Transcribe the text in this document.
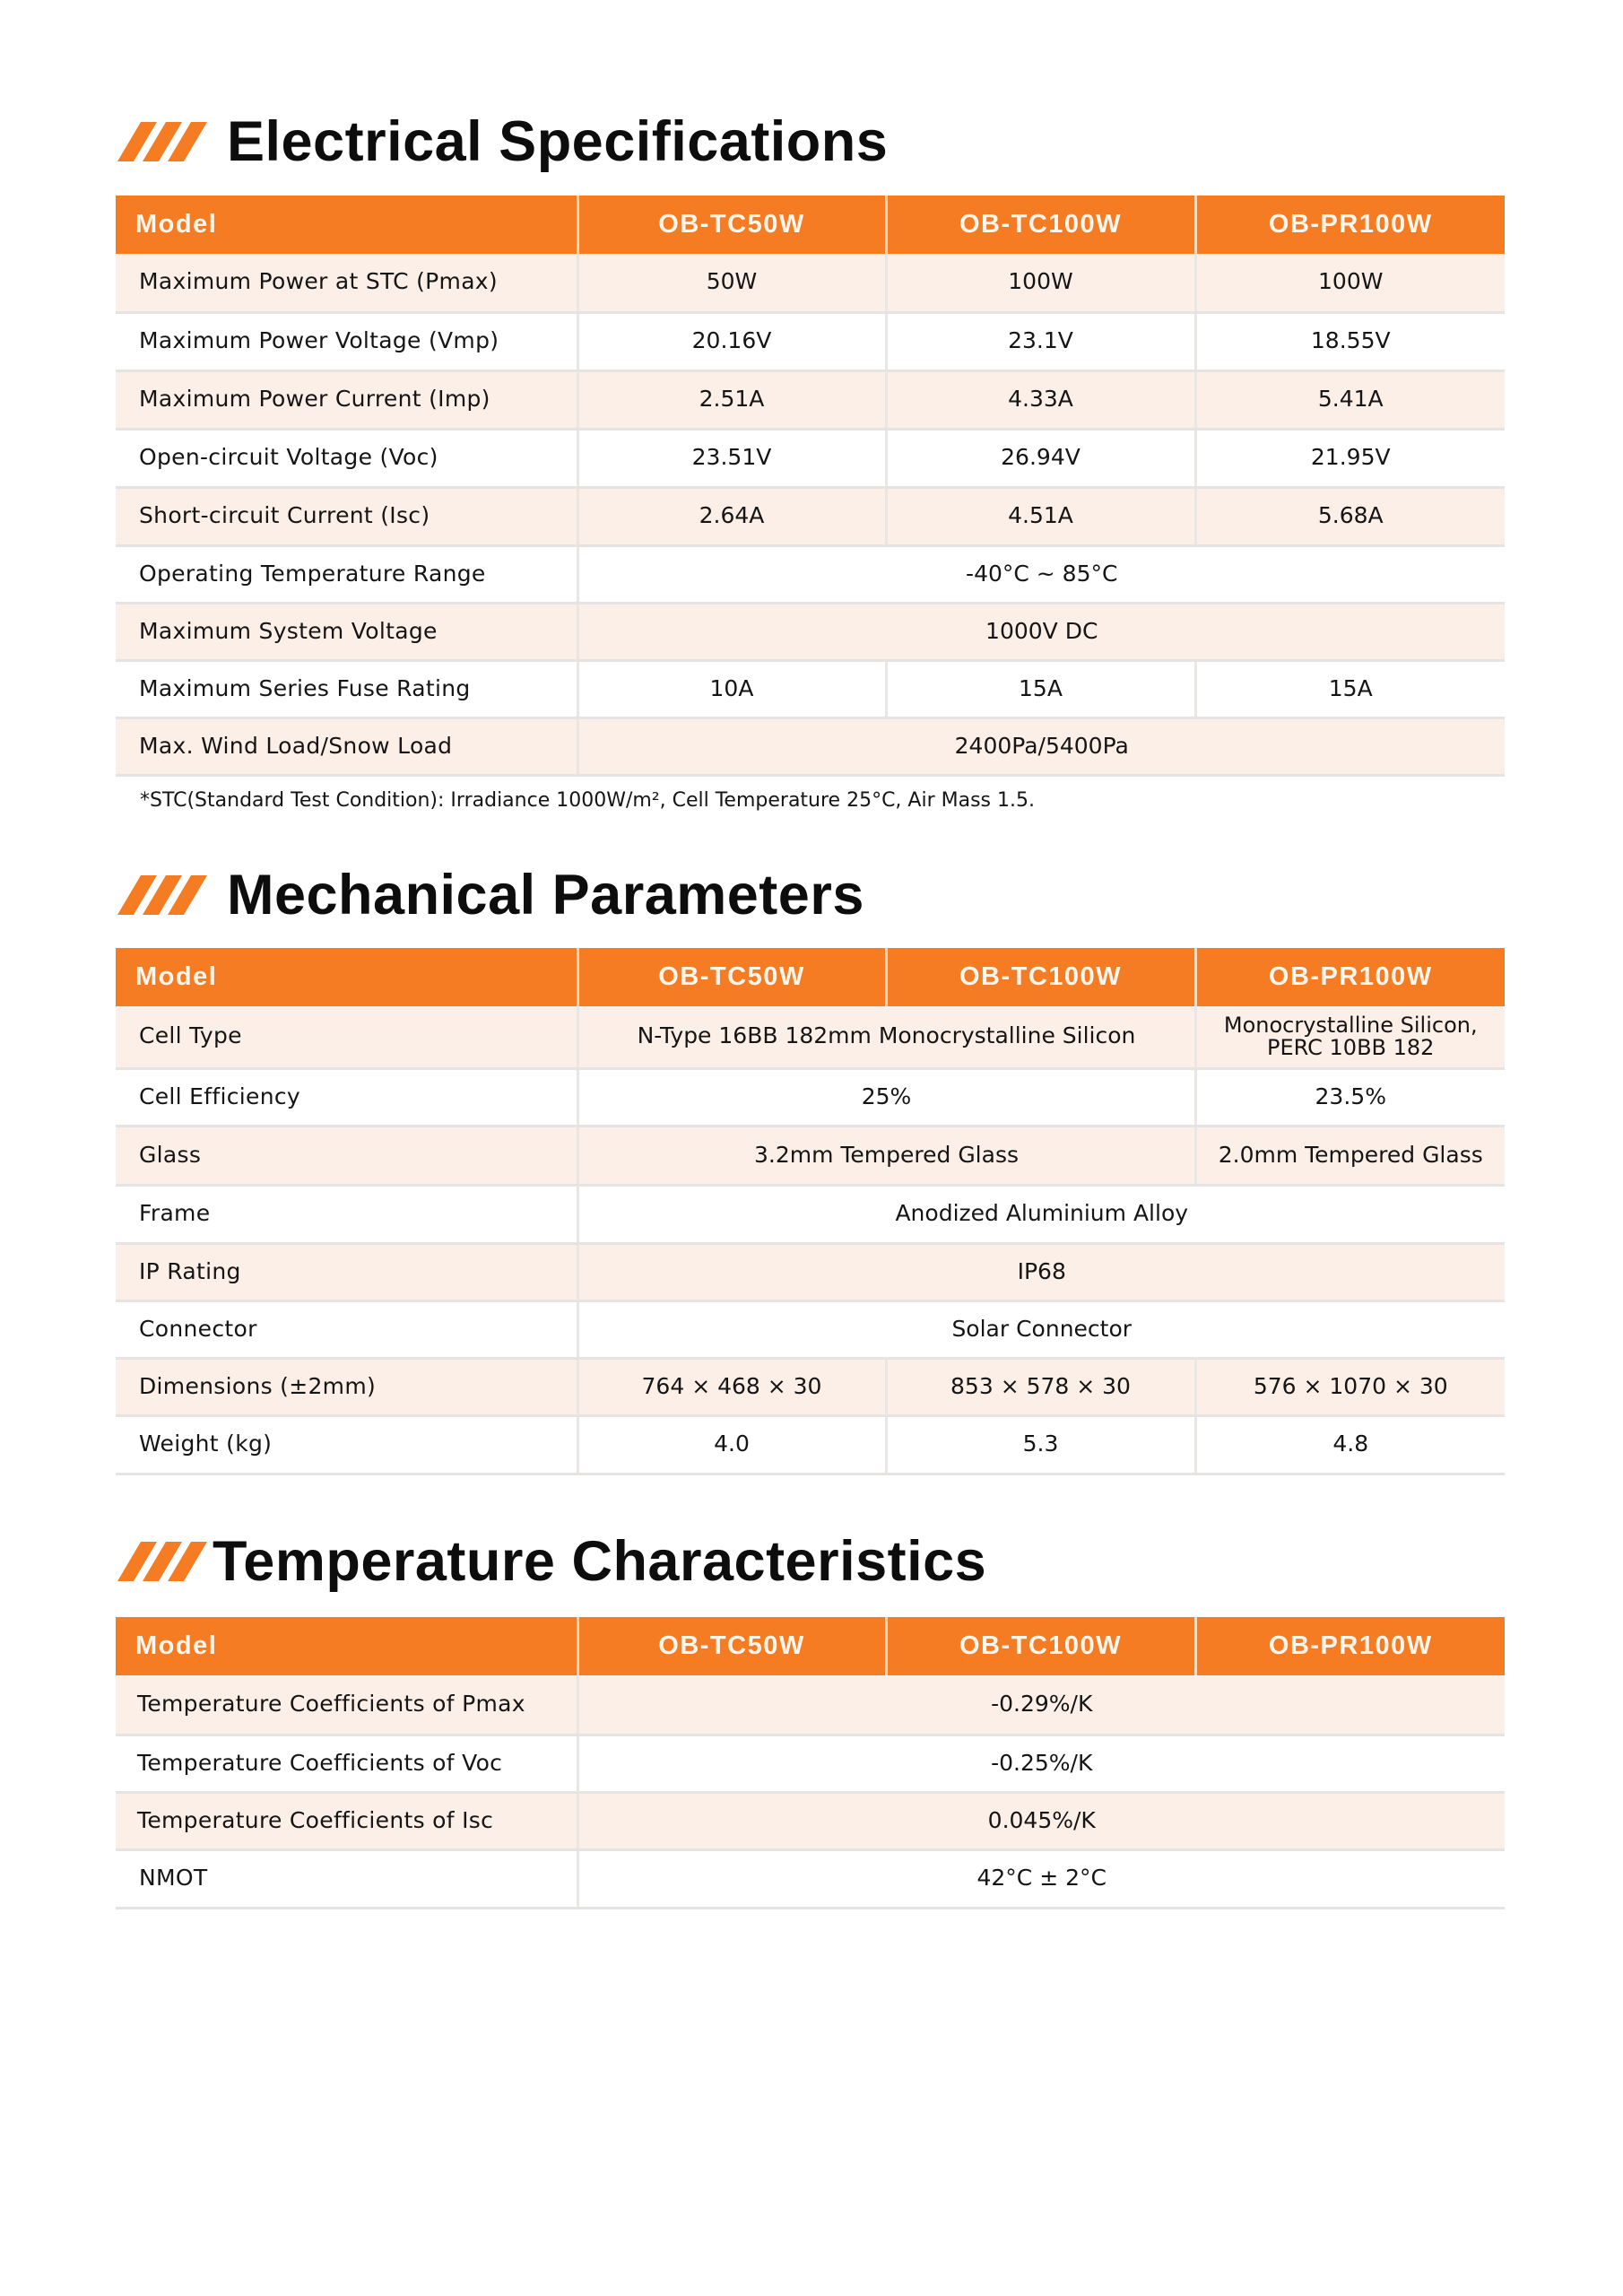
Electrical Specifications
Model	OB-TC50W	OB-TC100W	OB-PR100W
Maximum Power at STC (Pmax)	50W	100W	100W
Maximum Power Voltage (Vmp)	20.16V	23.1V	18.55V
Maximum Power Current (Imp)	2.51A	4.33A	5.41A
Open-circuit Voltage (Voc)	23.51V	26.94V	21.95V
Short-circuit Current (Isc)	2.64A	4.51A	5.68A
Operating Temperature Range	-40°C ~ 85°C		
Maximum System Voltage	1000V DC		
Maximum Series Fuse Rating	10A	15A	15A
Max. Wind Load/Snow Load	2400Pa/5400Pa		
*STC(Standard Test Condition): Irradiance 1000W/m², Cell Temperature 25°C, Air Mass 1.5.
Mechanical Parameters
Model	OB-TC50W	OB-TC100W	OB-PR100W
Cell Type	N-Type 16BB 182mm Monocrystalline Silicon		Monocrystalline Silicon, PERC 10BB 182
Cell Efficiency	25%		23.5%
Glass	3.2mm Tempered Glass		2.0mm Tempered Glass
Frame	Anodized Aluminium Alloy		
IP Rating	IP68		
Connector	Solar Connector		
Dimensions (±2mm)	764 × 468 × 30	853 × 578 × 30	576 × 1070 × 30
Weight (kg)	4.0	5.3	4.8
Temperature Characteristics
Model	OB-TC50W	OB-TC100W	OB-PR100W
Temperature Coefficients of Pmax	-0.29%/K		
Temperature Coefficients of Voc	-0.25%/K		
Temperature Coefficients of Isc	0.045%/K		
NMOT	42°C ± 2°C		
